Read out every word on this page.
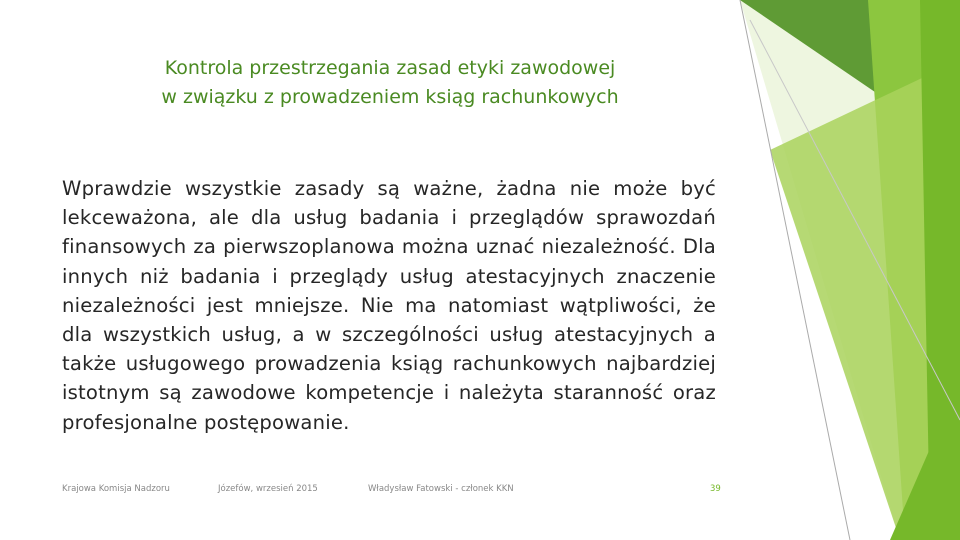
Kontrola przestrzegania zasad etyki zawodowej
w związku z prowadzeniem ksiąg rachunkowych
Wprawdzie wszystkie zasady są ważne, żadna nie może być lekceważona, ale dla usług badania i przeglądów sprawozdań finansowych za pierwszoplanowa można uznać niezależność. Dla innych niż badania i przeglądy usług atestacyjnych znaczenie niezależności jest mniejsze. Nie ma natomiast wątpliwości, że dla wszystkich usług, a w szczególności usług atestacyjnych a także usługowego prowadzenia ksiąg rachunkowych najbardziej istotnym są zawodowe kompetencje i należyta staranność oraz profesjonalne postępowanie.
Krajowa Komisja Nadzoru	Józefów, wrzesień 2015	Władysław Fatowski - członek KKN	39
